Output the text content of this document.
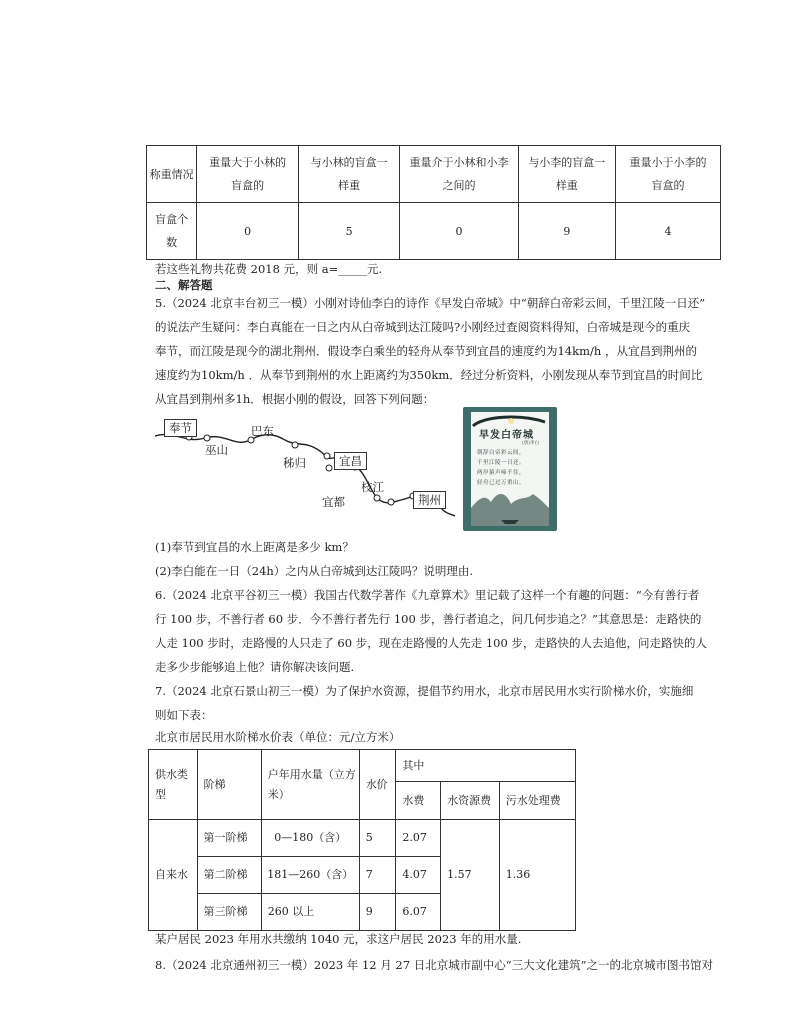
称重情况	重量大于小林的盲盒的	与小林的盲盒一样重	重量介于小林和小李之间的	与小李的盲盒一样重	重量小于小李的盲盒的
盲盒个数	0	5	0	9	4
若这些礼物共花费 2018 元，则 a=_____元.
二、解答题
5.（2024 北京丰台初三一模）小刚对诗仙李白的诗作《早发白帝城》中“朝辞白帝彩云间，千里江陵一日还”
的说法产生疑问：李白真能在一日之内从白帝城到达江陵吗?小刚经过查阅资料得知，白帝城是现今的重庆
奉节，而江陵是现今的湖北荆州．假设李白乘坐的轻舟从奉节到宜昌的速度约为14km/h ，从宜昌到荆州的
速度约为10km/h ．从奉节到荆州的水上距离约为350km．经过分析资料，小刚发现从奉节到宜昌的时间比
从宜昌到荆州多1h．根据小刚的假设，回答下列问题：
奉节	巴东
巫山
秭归	宜昌
枝江
宜都	荆州
早发白帝城
(唐)李白
朝辞白帝彩云间，
千里江陵一日还。
两岸猿声啼不住，
轻舟已过万重山。
(1)奉节到宜昌的水上距离是多少 km？
(2)李白能在一日（24h）之内从白帝城到达江陵吗？说明理由.
6.（2024 北京平谷初三一模）我国古代数学著作《九章算术》里记载了这样一个有趣的问题：“今有善行者
行 100 步，不善行者 60 步．今不善行者先行 100 步，善行者追之，问几何步追之？”其意思是：走路快的
人走 100 步时，走路慢的人只走了 60 步，现在走路慢的人先走 100 步，走路快的人去追他，问走路快的人
走多少步能够追上他？请你解决该问题.
7.（2024 北京石景山初三一模）为了保护水资源，提倡节约用水，北京市居民用水实行阶梯水价，实施细
则如下表：
北京市居民用水阶梯水价表（单位：元/立方米）
供水类型	阶梯	户年用水量（立方米）	水价	其中		
				水费	水资源费	污水处理费
自来水	第一阶梯	0—180（含）	5	2.07	1.57	1.36
	第二阶梯	181—260（含）	7	4.07		
	第三阶梯	260 以上	9	6.07		
某户居民 2023 年用水共缴纳 1040 元，求这户居民 2023 年的用水量.
8.（2024 北京通州初三一模）2023 年 12 月 27 日北京城市副中心“三大文化建筑”之一的北京城市图书馆对
